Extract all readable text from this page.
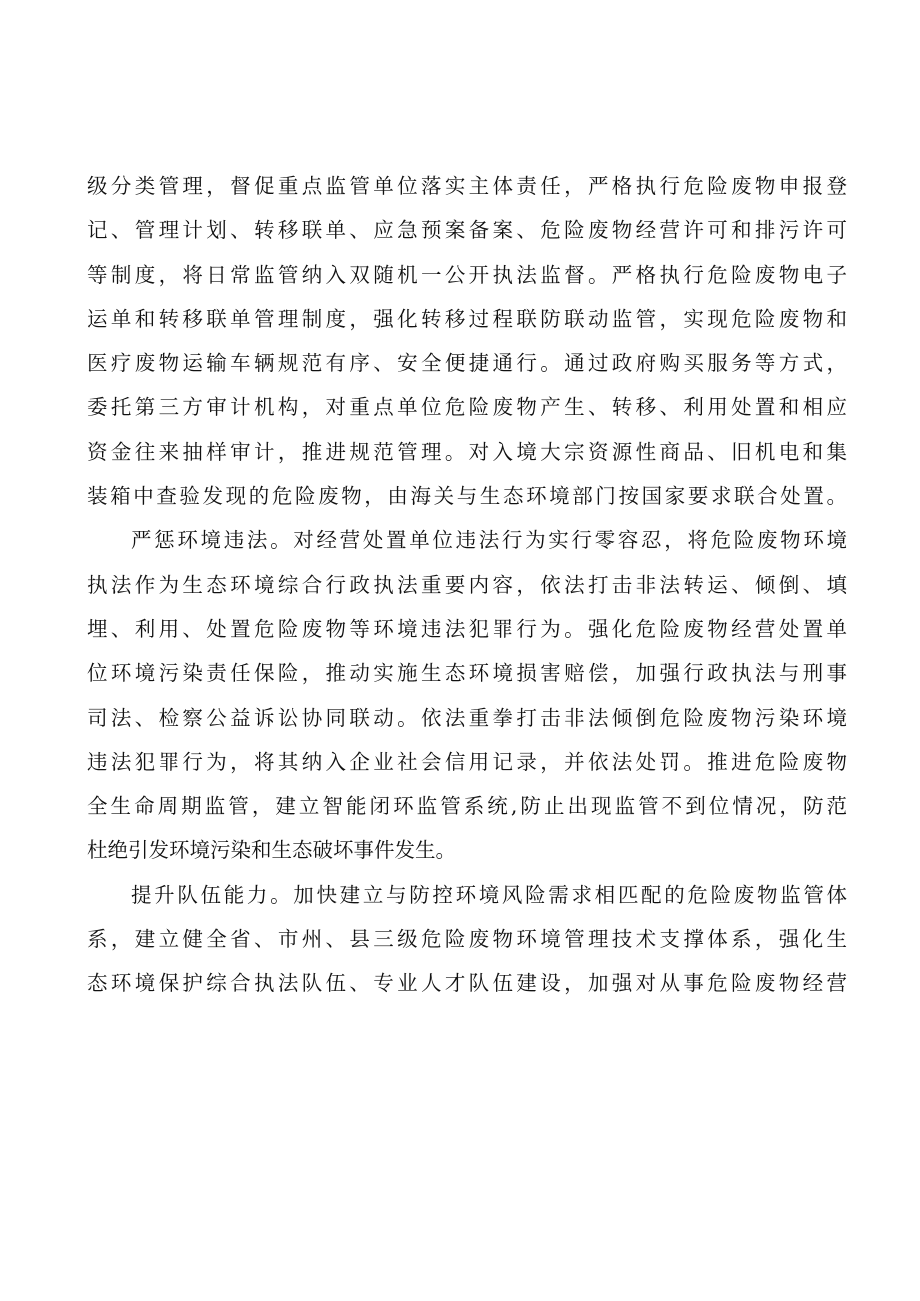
级分类管理，督促重点监管单位落实主体责任，严格执行危险废物申报登
记、管理计划、转移联单、应急预案备案、危险废物经营许可和排污许可
等制度，将日常监管纳入双随机一公开执法监督。严格执行危险废物电子
运单和转移联单管理制度，强化转移过程联防联动监管，实现危险废物和
医疗废物运输车辆规范有序、安全便捷通行。通过政府购买服务等方式，
委托第三方审计机构，对重点单位危险废物产生、转移、利用处置和相应
资金往来抽样审计，推进规范管理。对入境大宗资源性商品、旧机电和集
装箱中查验发现的危险废物，由海关与生态环境部门按国家要求联合处置。
严惩环境违法。对经营处置单位违法行为实行零容忍，将危险废物环境
执法作为生态环境综合行政执法重要内容，依法打击非法转运、倾倒、填
埋、利用、处置危险废物等环境违法犯罪行为。强化危险废物经营处置单
位环境污染责任保险，推动实施生态环境损害赔偿，加强行政执法与刑事
司法、检察公益诉讼协同联动。依法重拳打击非法倾倒危险废物污染环境
违法犯罪行为，将其纳入企业社会信用记录，并依法处罚。推进危险废物
全生命周期监管，建立智能闭环监管系统,防止出现监管不到位情况，防范
杜绝引发环境污染和生态破坏事件发生。
提升队伍能力。加快建立与防控环境风险需求相匹配的危险废物监管体
系，建立健全省、市州、县三级危险废物环境管理技术支撑体系，强化生
态环境保护综合执法队伍、专业人才队伍建设，加强对从事危险废物经营
